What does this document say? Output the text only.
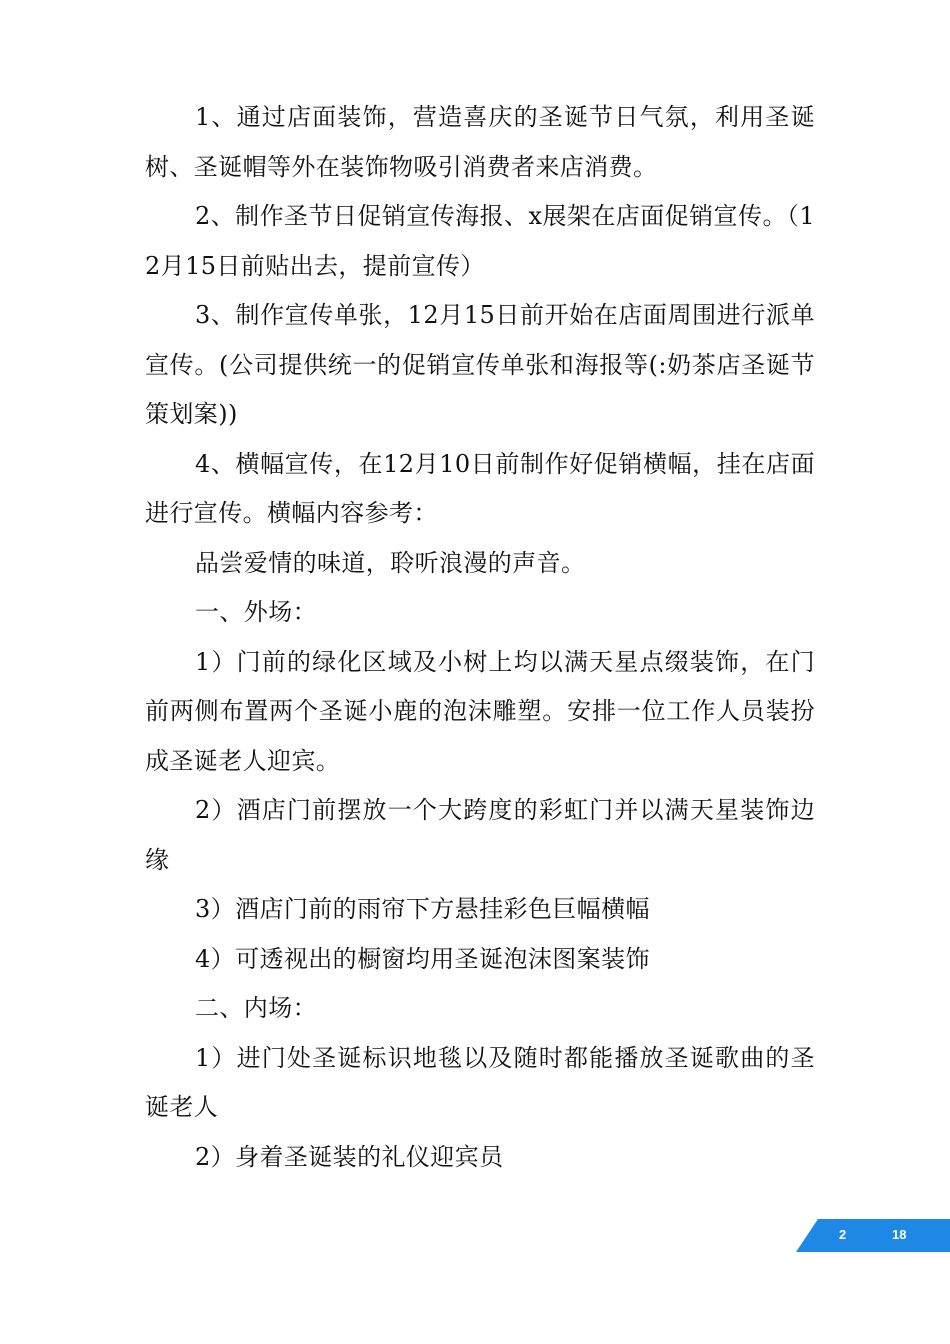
1、通过店面装饰，营造喜庆的圣诞节日气氛，利用圣诞树、圣诞帽等外在装饰物吸引消费者来店消费。

2、制作圣节日促销宣传海报、x展架在店面促销宣传。（12月15日前贴出去，提前宣传）

3、制作宣传单张，12月15日前开始在店面周围进行派单宣传。(公司提供统一的促销宣传单张和海报等(:奶茶店圣诞节策划案))

4、横幅宣传，在12月10日前制作好促销横幅，挂在店面进行宣传。横幅内容参考：

品尝爱情的味道，聆听浪漫的声音。

一、外场：

1）门前的绿化区域及小树上均以满天星点缀装饰，在门前两侧布置两个圣诞小鹿的泡沫雕塑。安排一位工作人员装扮成圣诞老人迎宾。

2）酒店门前摆放一个大跨度的彩虹门并以满天星装饰边缘

3）酒店门前的雨帘下方悬挂彩色巨幅横幅

4）可透视出的橱窗均用圣诞泡沫图案装饰

二、内场：

1）进门处圣诞标识地毯以及随时都能播放圣诞歌曲的圣诞老人

2）身着圣诞装的礼仪迎宾员

2	18
